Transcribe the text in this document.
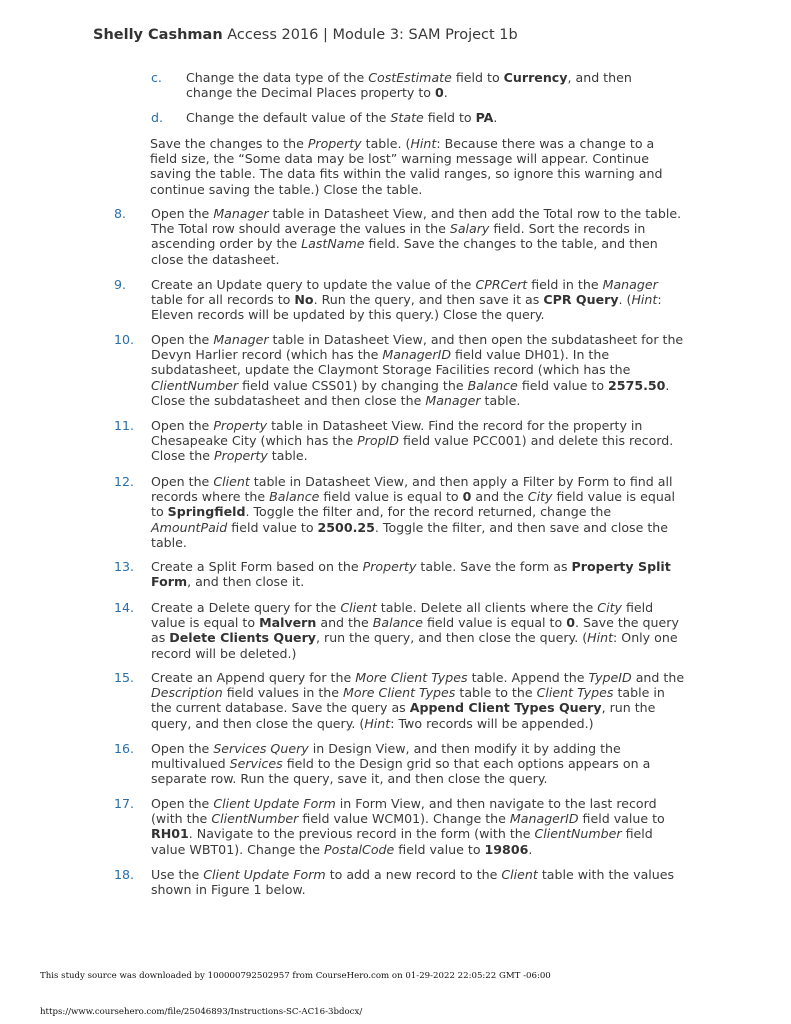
Shelly Cashman Access 2016 | Module 3: SAM Project 1b
c. Change the data type of the CostEstimate field to Currency, and then change the Decimal Places property to 0.
d. Change the default value of the State field to PA.
Save the changes to the Property table. (Hint: Because there was a change to a field size, the “Some data may be lost” warning message will appear. Continue saving the table. The data fits within the valid ranges, so ignore this warning and continue saving the table.) Close the table.
8. Open the Manager table in Datasheet View, and then add the Total row to the table. The Total row should average the values in the Salary field. Sort the records in ascending order by the LastName field. Save the changes to the table, and then close the datasheet.
9. Create an Update query to update the value of the CPRCert field in the Manager table for all records to No. Run the query, and then save it as CPR Query. (Hint: Eleven records will be updated by this query.) Close the query.
10. Open the Manager table in Datasheet View, and then open the subdatasheet for the Devyn Harlier record (which has the ManagerID field value DH01). In the subdatasheet, update the Claymont Storage Facilities record (which has the ClientNumber field value CSS01) by changing the Balance field value to 2575.50. Close the subdatasheet and then close the Manager table.
11. Open the Property table in Datasheet View. Find the record for the property in Chesapeake City (which has the PropID field value PCC001) and delete this record. Close the Property table.
12. Open the Client table in Datasheet View, and then apply a Filter by Form to find all records where the Balance field value is equal to 0 and the City field value is equal to Springfield. Toggle the filter and, for the record returned, change the AmountPaid field value to 2500.25. Toggle the filter, and then save and close the table.
13. Create a Split Form based on the Property table. Save the form as Property Split Form, and then close it.
14. Create a Delete query for the Client table. Delete all clients where the City field value is equal to Malvern and the Balance field value is equal to 0. Save the query as Delete Clients Query, run the query, and then close the query. (Hint: Only one record will be deleted.)
15. Create an Append query for the More Client Types table. Append the TypeID and the Description field values in the More Client Types table to the Client Types table in the current database. Save the query as Append Client Types Query, run the query, and then close the query. (Hint: Two records will be appended.)
16. Open the Services Query in Design View, and then modify it by adding the multivalued Services field to the Design grid so that each options appears on a separate row. Run the query, save it, and then close the query.
17. Open the Client Update Form in Form View, and then navigate to the last record (with the ClientNumber field value WCM01). Change the ManagerID field value to RH01. Navigate to the previous record in the form (with the ClientNumber field value WBT01). Change the PostalCode field value to 19806.
18. Use the Client Update Form to add a new record to the Client table with the values shown in Figure 1 below.
This study source was downloaded by 100000792502957 from CourseHero.com on 01-29-2022 22:05:22 GMT -06:00
https://www.coursehero.com/file/25046893/Instructions-SC-AC16-3bdocx/
